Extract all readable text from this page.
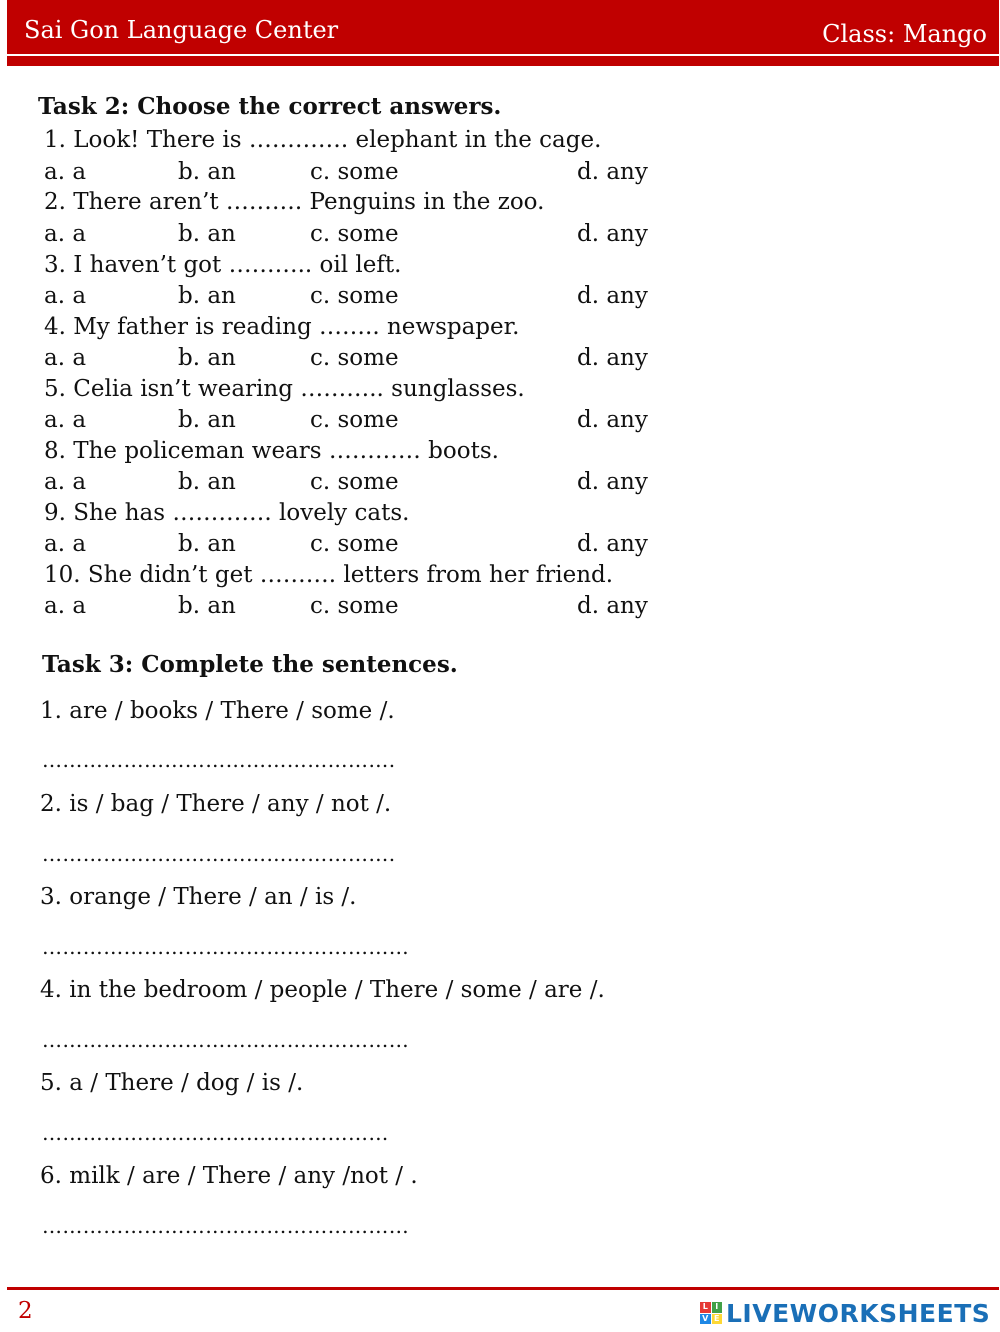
Sai Gon Language Center	Class: Mango
Task 2: Choose the correct answers.
1. Look! There is …………. elephant in the cage.
a. a	b. an	c. some	d. any
2. There aren’t ………. Penguins in the zoo.
a. a	b. an	c. some	d. any
3. I haven’t got ……….. oil left.
a. a	b. an	c. some	d. any
4. My father is reading …….. newspaper.
a. a	b. an	c. some	d. any
5. Celia isn’t wearing ……….. sunglasses.
a. a	b. an	c. some	d. any
8. The policeman wears ………… boots.
a. a	b. an	c. some	d. any
9. She has …………. lovely cats.
a. a	b. an	c. some	d. any
10. She didn’t get ………. letters from her friend.
a. a	b. an	c. some	d. any
Task 3: Complete the sentences.
1. are / books / There / some /.
…………………………………………….
2. is / bag / There / any / not /.
…………………………………………….
3. orange / There / an / is /.
………………………………………………
4. in the bedroom / people / There / some / are /.
………………………………………………
5. a / There / dog / is /.
……………………………………………
6. milk / are / There / any /not / .
………………………………………………
2	L I
V E LIVEWORKSHEETS
